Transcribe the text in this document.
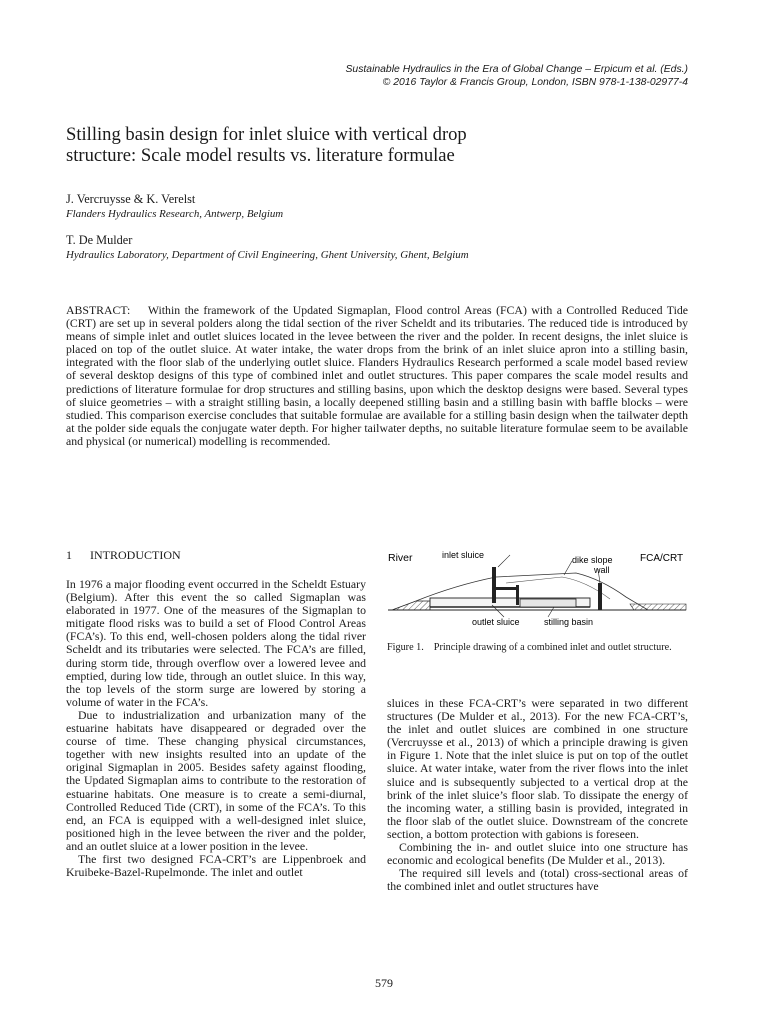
Sustainable Hydraulics in the Era of Global Change – Erpicum et al. (Eds.)
© 2016 Taylor & Francis Group, London, ISBN 978-1-138-02977-4
Stilling basin design for inlet sluice with vertical drop
structure: Scale model results vs. literature formulae
J. Vercruysse & K. Verelst
Flanders Hydraulics Research, Antwerp, Belgium
T. De Mulder
Hydraulics Laboratory, Department of Civil Engineering, Ghent University, Ghent, Belgium
ABSTRACT: Within the framework of the Updated Sigmaplan, Flood control Areas (FCA) with a Controlled Reduced Tide (CRT) are set up in several polders along the tidal section of the river Scheldt and its tributaries. The reduced tide is introduced by means of simple inlet and outlet sluices located in the levee between the river and the polder. In recent designs, the inlet sluice is placed on top of the outlet sluice. At water intake, the water drops from the brink of an inlet sluice apron into a stilling basin, integrated with the floor slab of the underlying outlet sluice. Flanders Hydraulics Research performed a scale model based review of several desktop designs of this type of combined inlet and outlet structures. This paper compares the scale model results and predictions of literature formulae for drop structures and stilling basins, upon which the desktop designs were based. Several types of sluice geometries – with a straight stilling basin, a locally deepened stilling basin and a stilling basin with baffle blocks – were studied. This comparison exercise concludes that suitable formulae are available for a stilling basin design when the tailwater depth at the polder side equals the conjugate water depth. For higher tailwater depths, no suitable literature formulae seem to be available and physical (or numerical) modelling is recommended.
1 INTRODUCTION

In 1976 a major flooding event occurred in the Scheldt Estuary (Belgium). After this event the so called Sigmaplan was elaborated in 1977. One of the measures of the Sigmaplan to mitigate flood risks was to build a set of Flood Control Areas (FCA’s). To this end, well-chosen polders along the tidal river Scheldt and its tributaries were selected. The FCA’s are filled, during storm tide, through overflow over a lowered levee and emptied, during low tide, through an outlet sluice. In this way, the top levels of the storm surge are lowered by storing a volume of water in the FCA’s.

Due to industrialization and urbanization many of the estuarine habitats have disappeared or degraded over the course of time. These changing physical circumstances, together with new insights resulted into an update of the original Sigmaplan in 2005. Besides safety against flooding, the Updated Sigmaplan aims to contribute to the restoration of estuarine habitats. One measure is to create a semi-diurnal, Controlled Reduced Tide (CRT), in some of the FCA’s. To this end, an FCA is equipped with a well-designed inlet sluice, positioned high in the levee between the river and the polder, and an outlet sluice at a lower position in the levee.

The first two designed FCA-CRT’s are Lippenbroek and Kruibeke-Bazel-Rupelmonde. The inlet and outlet

River	inlet sluice	dike slope
wall
FCA/CRT
outlet sluice	stilling basin
Figure 1. Principle drawing of a combined inlet and outlet structure.

sluices in these FCA-CRT’s were separated in two different structures (De Mulder et al., 2013). For the new FCA-CRT’s, the inlet and outlet sluices are combined in one structure (Vercruysse et al., 2013) of which a principle drawing is given in Figure 1. Note that the inlet sluice is put on top of the outlet sluice. At water intake, water from the river flows into the inlet sluice and is subsequently subjected to a vertical drop at the brink of the inlet sluice’s floor slab. To dissipate the energy of the incoming water, a stilling basin is provided, integrated in the floor slab of the outlet sluice. Downstream of the concrete section, a bottom protection with gabions is foreseen.

Combining the in- and outlet sluice into one structure has economic and ecological benefits (De Mulder et al., 2013).

The required sill levels and (total) cross-sectional areas of the combined inlet and outlet structures have

579
